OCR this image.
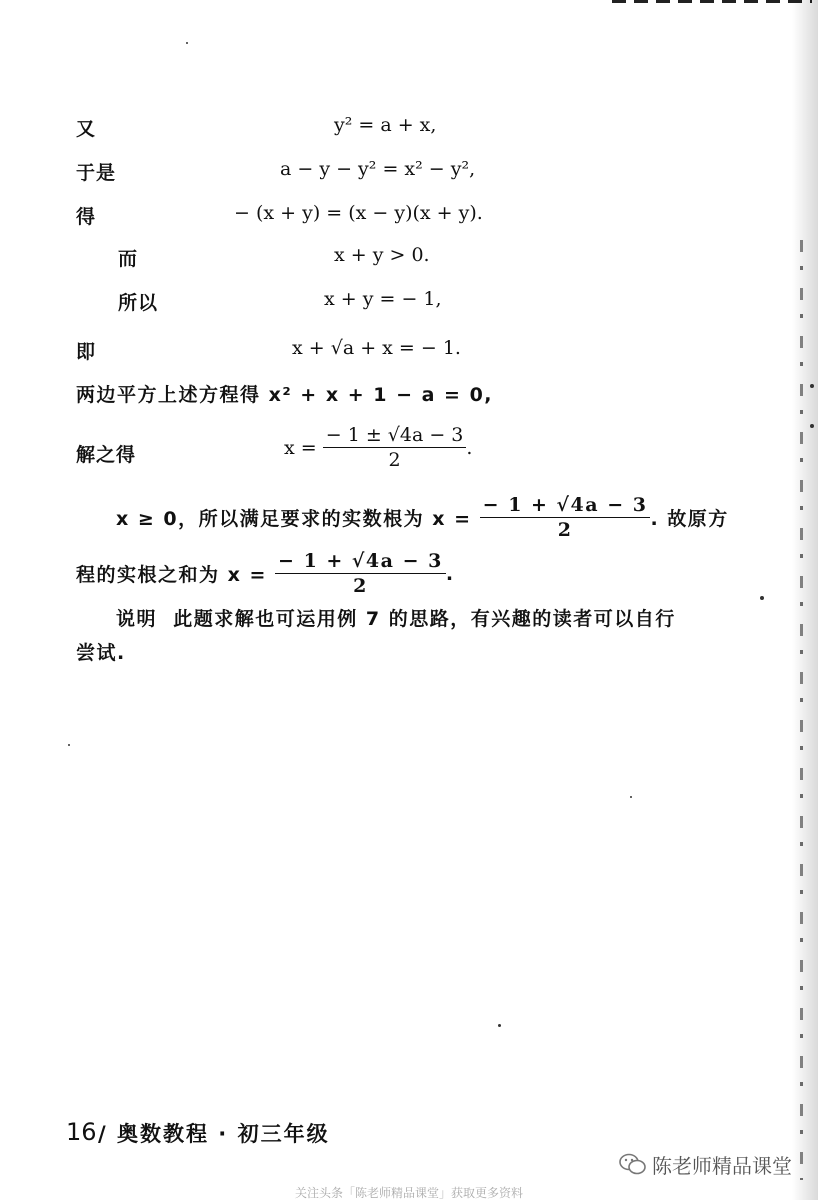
又	y² = a + x,
于是	a − y − y² = x² − y²,
得	− (x + y) = (x − y)(x + y).
而	x + y > 0.
所以	x + y = − 1,
即	x + √a + x = − 1.
两边平方上述方程得 x² + x + 1 − a = 0,
解之得	$x = \frac{- 1 \pm √4a - 3}{2}$ .
x ≥ 0，所以满足要求的实数根为 $x = \frac{- 1 + √4a - 3}{2}$ . 故原方
程的实根之和为 $x = \frac{- 1 + √4a - 3}{2}$ .
说明 此题求解也可运用例 7 的思路，有兴趣的读者可以自行
尝试.
16 / 奥数教程 · 初三年级
陈老师精品课堂
关注头条「陈老师精品课堂」获取更多资料
